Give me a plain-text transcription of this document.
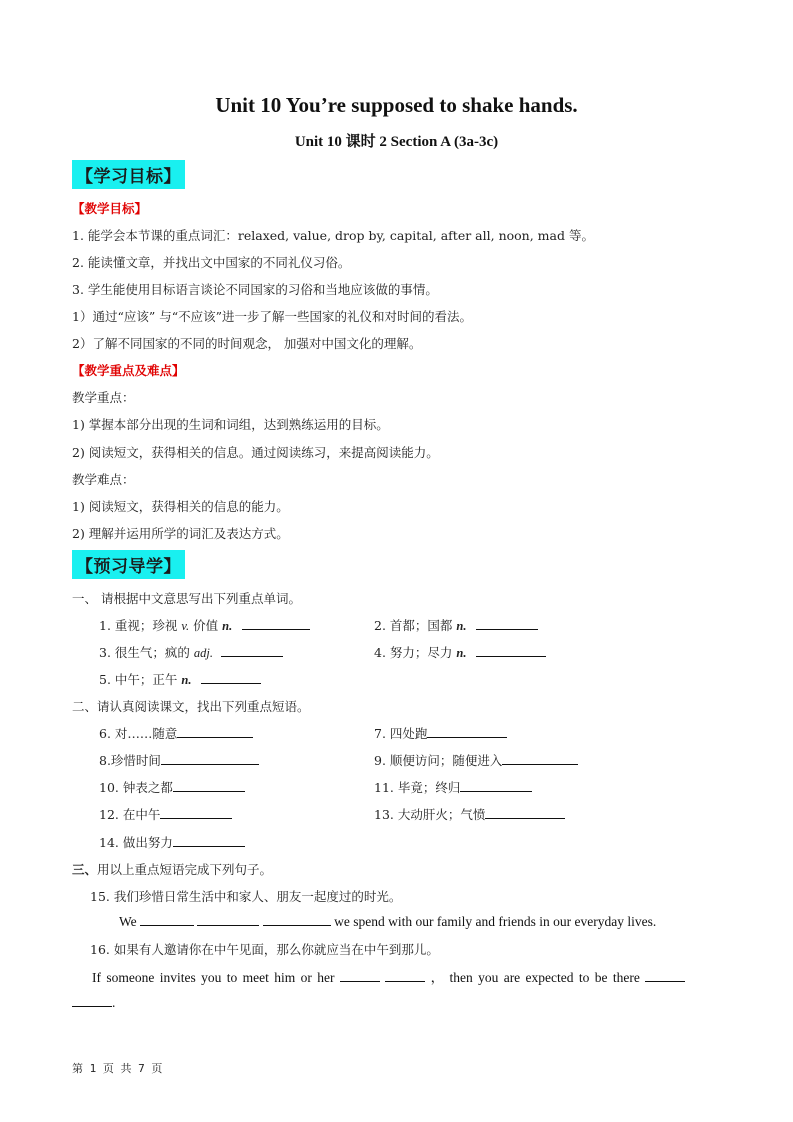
Unit 10 You’re supposed to shake hands.
Unit 10 课时 2 Section A (3a-3c)
【学习目标】
【教学目标】
1. 能学会本节课的重点词汇：relaxed, value, drop by, capital, after all, noon, mad 等。
2. 能读懂文章，并找出文中国家的不同礼仪习俗。
3. 学生能使用目标语言谈论不同国家的习俗和当地应该做的事情。
1）通过“应该” 与“不应该”进一步了解一些国家的礼仪和对时间的看法。
2）了解不同国家的不同的时间观念， 加强对中国文化的理解。
【教学重点及难点】
教学重点：
1) 掌握本部分出现的生词和词组，达到熟练运用的目标。
2) 阅读短文，获得相关的信息。通过阅读练习，来提高阅读能力。
教学难点：
1) 阅读短文，获得相关的信息的能力。
2) 理解并运用所学的词汇及表达方式。
【预习导学】
一、 请根据中文意思写出下列重点单词。
1. 重视；珍视 v. 价值 n.	2. 首都；国都 n.
3. 很生气；疯的 adj.	4. 努力；尽力 n.
5. 中午；正午 n.
二、请认真阅读课文，找出下列重点短语。
6. 对……随意	7. 四处跑
8.珍惜时间	9. 顺便访问；随便进入
10. 钟表之都	11. 毕竟；终归
12. 在中午	13. 大动肝火；气愤
14. 做出努力
三、用以上重点短语完成下列句子。
15. 我们珍惜日常生活中和家人、朋友一起度过的时光。
We	we spend with our family and friends in our everyday lives.
16. 如果有人邀请你在中午见面，那么你就应当在中午到那儿。
If someone invites you to meet him or her	， then you are expected to be there
.
第 1 页 共 7 页
